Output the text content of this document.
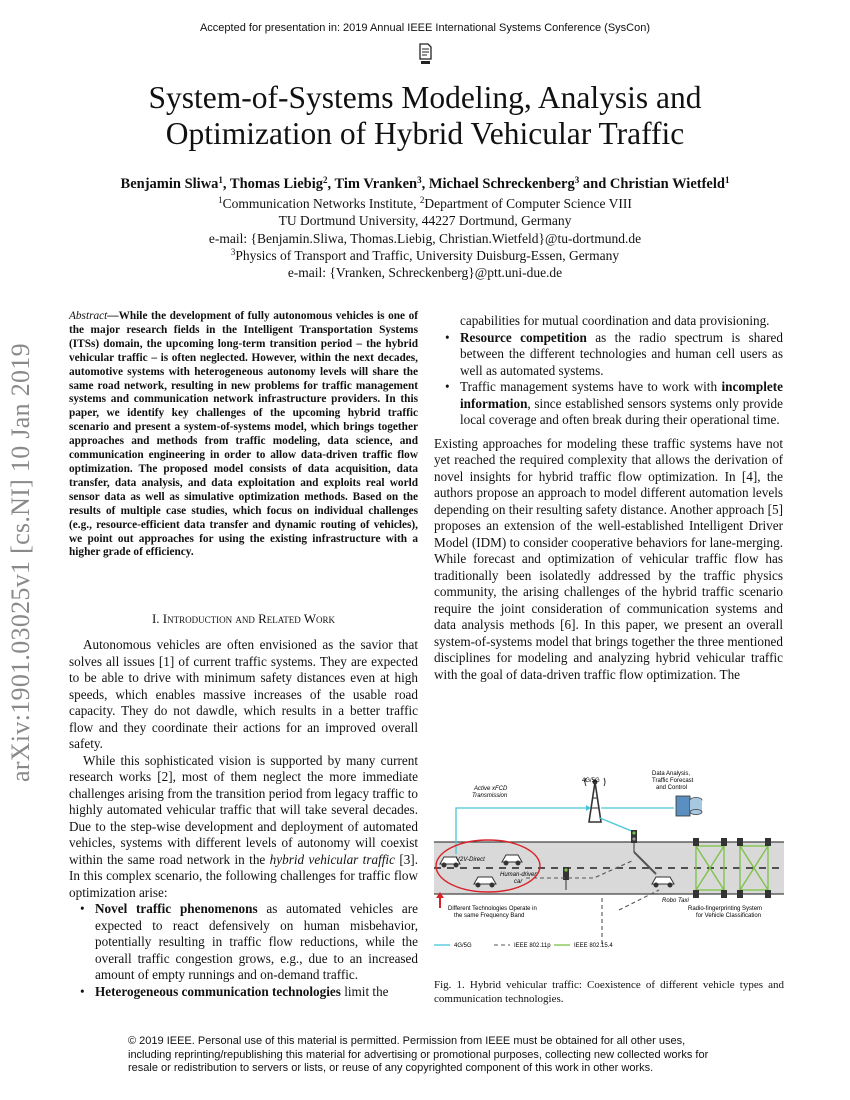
Accepted for presentation in: 2019 Annual IEEE International Systems Conference (SysCon)
System-of-Systems Modeling, Analysis and
Optimization of Hybrid Vehicular Traffic
Benjamin Sliwa$^1$, Thomas Liebig$^2$, Tim Vranken$^3$, Michael Schreckenberg$^3$ and Christian Wietfeld$^1$
$^1$Communication Networks Institute, $^2$Department of Computer Science VIII
TU Dortmund University, 44227 Dortmund, Germany
e-mail: {Benjamin.Sliwa, Thomas.Liebig, Christian.Wietfeld}@tu-dortmund.de
$^3$Physics of Transport and Traffic, University Duisburg-Essen, Germany
e-mail: {Vranken, Schreckenberg}@ptt.uni-due.de
arXiv:1901.03025v1 [cs.NI] 10 Jan 2019
Abstract—While the development of fully autonomous vehicles is one of the major research fields in the Intelligent Transportation Systems (ITSs) domain, the upcoming long-term transition period – the hybrid vehicular traffic – is often neglected. However, within the next decades, automotive systems with heterogeneous autonomy levels will share the same road network, resulting in new problems for traffic management systems and communication network infrastructure providers. In this paper, we identify key challenges of the upcoming hybrid traffic scenario and present a system-of-systems model, which brings together approaches and methods from traffic modeling, data science, and communication engineering in order to allow data-driven traffic flow optimization. The proposed model consists of data acquisition, data transfer, data analysis, and data exploitation and exploits real world sensor data as well as simulative optimization methods. Based on the results of multiple case studies, which focus on individual challenges (e.g., resource-efficient data transfer and dynamic routing of vehicles), we point out approaches for using the existing infrastructure with a higher grade of efficiency.
I. Introduction and Related Work

Autonomous vehicles are often envisioned as the savior that solves all issues [1] of current traffic systems. They are expected to be able to drive with minimum safety distances even at high speeds, which enables massive increases of the usable road capacity. They do not dawdle, which results in a better traffic flow and they coordinate their actions for an improved overall safety.

While this sophisticated vision is supported by many current research works [2], most of them neglect the more immediate challenges arising from the transition period from legacy traffic to highly automated vehicular traffic that will take several decades. Due to the step-wise development and deployment of automated vehicles, systems with different levels of autonomy will coexist within the same road network in the hybrid vehicular traffic [3]. In this complex scenario, the following challenges for traffic flow optimization arise:

• Novel traffic phenomenons as automated vehicles are expected to react defensively on human misbehavior, potentially resulting in traffic flow reductions, while the overall traffic congestion grows, e.g., due to an increased amount of empty runnings and on-demand traffic.
• Heterogeneous communication technologies limit the
capabilities for mutual coordination and data provisioning.
• Resource competition as the radio spectrum is shared between the different technologies and human cell users as well as automated systems.
• Traffic management systems have to work with incomplete information, since established sensors systems only provide local coverage and often break during their operational time.

Existing approaches for modeling these traffic systems have not yet reached the required complexity that allows the derivation of novel insights for hybrid traffic flow optimization. In [4], the authors propose an approach to model different automation levels depending on their resulting safety distance. Another approach [5] proposes an extension of the well-established Intelligent Driver Model (IDM) to consider cooperative behaviors for lane-merging. While forecast and optimization of vehicular traffic flow has traditionally been isolatedly addressed by the traffic physics community, the arising challenges of the hybrid traffic scenario require the joint consideration of communication systems and data analysis methods [6]. In this paper, we present an overall system-of-systems model that brings together the three mentioned disciplines for modeling and analyzing hybrid vehicular traffic with the goal of data-driven traffic flow optimization. The

4G/5G
Data Analysis,
Traffic Forecast
and Control
Active xFCD
Transmission
V2V-Direct
Human-driven
car
Robo Taxi
Different Technologies Operate in
the same Frequency Band
Radio-fingerprinting System
for Vehicle Classification
4G/5G	IEEE 802.11p	IEEE 802.15.4
Fig. 1. Hybrid vehicular traffic: Coexistence of different vehicle types and communication technologies.
© 2019 IEEE. Personal use of this material is permitted. Permission from IEEE must be obtained for all other uses, including reprinting/republishing this material for advertising or promotional purposes, collecting new collected works for resale or redistribution to servers or lists, or reuse of any copyrighted component of this work in other works.
